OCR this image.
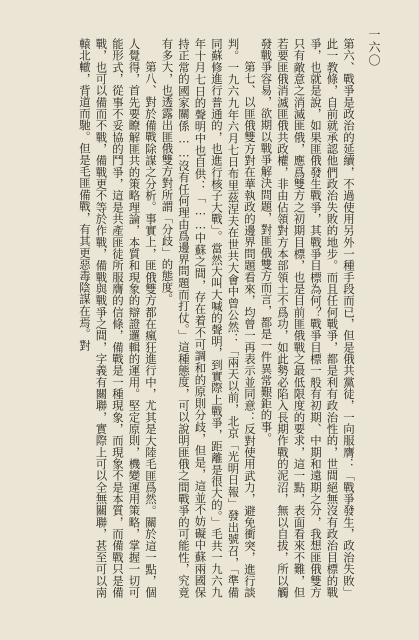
一六〇

第六、戰爭是政治的延續，不過使用另外一種手段而已，但是俄共黨徒，一向服膺：「戰爭發生，政治失敗」此一教條，自前就承認他們政治失敗的地步。而且任何戰爭，都是利有政治性的，世間絕無沒有政治目標的戰爭，也就是說，如果匪俄發生戰爭，其戰爭目標為何？戰爭目標一般有初期、中期和遠期之分，我想匪俄雙方只有敵意之消滅匪俄，應爲雙方之初期目標，也是目前匪俄戰之最低限度的要求，這一點，表面看來不難，但若要匪俄消滅匪俄共政權，非由佔領對方本部領土不爲功，如此勢必陷入長期作戰的泥沼，無以自拔，所以觸發戰爭容易，欲期以戰爭解決問題，對匪俄雙方而言，都是一件異常艱鉅的事。

第七、以匪俄雙方對在華執政的邊界問題看來，均曾一再表示並同意：反對使用武力，避免衝突，進行談判。一九六九年六月七日布里茲涅夫在世共大會中曾公然：「兩天以前，北京「光明日報」發出號召，「準備同蘇修進行普通的，也進行核子大戰」。當然大叫大喊的聲明，到實際上戰爭，距離是很大的。」毛共一九六九年十月七日的聲明中也自供：「……中蘇之間，存在着不可調和的原則分歧，但是，這並不妨礙中蘇兩國保持正常的國家關係……沒有任何理由爲邊界問題而打仗。」這種態度，可以說明匪俄之間戰爭的可能性，究竟有多大，也透露出匪俄雙方對所謂「分歧」的態度。

第八、對於備戰除謀之分析。事實上，匪俄雙方都在瘋狂進行中，尤其是大陸毛匪爲然。關於這一點，個人覺得，首先要瞭解匪共的策略理論，本質和現象的辯證邏輯的運用。堅定原則，機變運用策略，掌握一切可能形式，從事不妥協的鬥爭，這是共產匪徒所服膺的信條，備戰是一種現象，而現象不是本質，而備戰只是備戰，也可以備而不戰，備戰更不等於作戰，備戰與戰爭之間，字義有關聯，實際上可以全無關聯，甚至可以南轅北轍，背道而馳。但是毛匪備戰，有其更惡毒陰謀在焉。對
